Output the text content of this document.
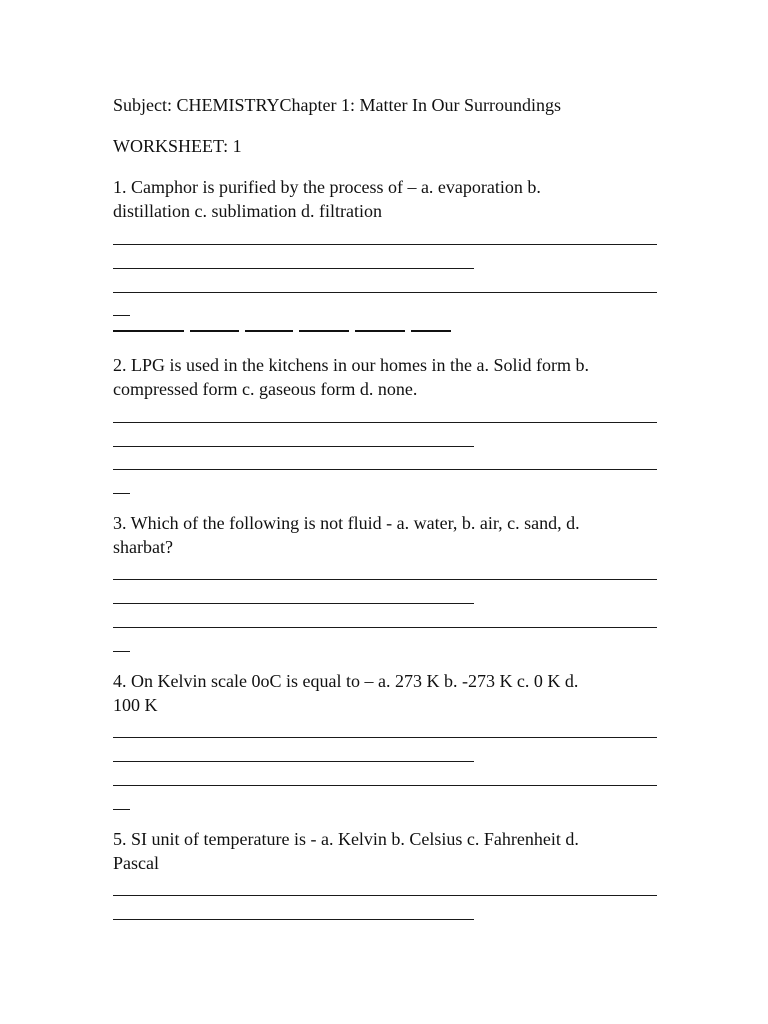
Subject: CHEMISTRYChapter 1: Matter In Our Surroundings
WORKSHEET: 1
1. Camphor is purified by the process of – a. evaporation b.
distillation c. sublimation d. filtration
2. LPG is used in the kitchens in our homes in the a. Solid form b.
compressed form c. gaseous form d. none.
3. Which of the following is not fluid - a. water, b. air, c. sand, d.
sharbat?
4. On Kelvin scale 0oC is equal to – a. 273 K b. -273 K c. 0 K d.
100 K
5. SI unit of temperature is - a. Kelvin b. Celsius c. Fahrenheit d.
Pascal
